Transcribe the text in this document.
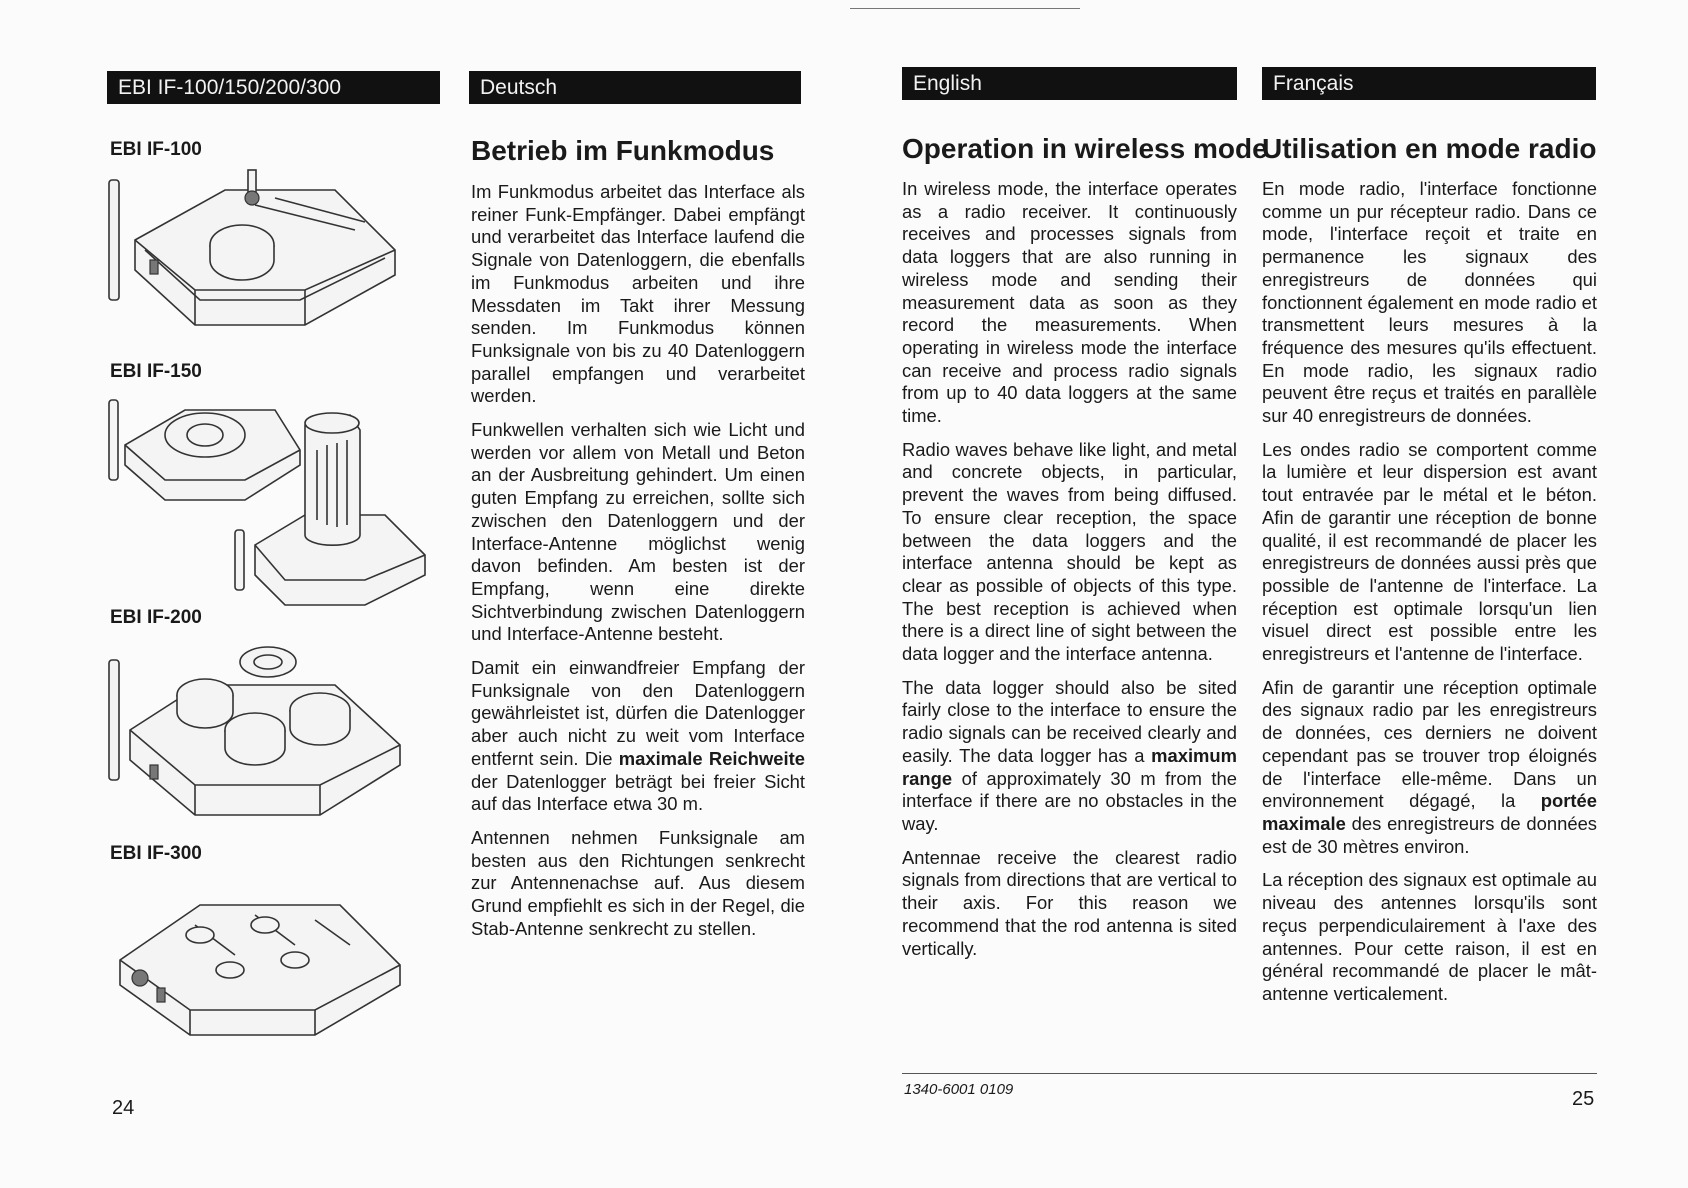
EBI IF-100/150/200/300	Deutsch	English	Français
EBI IF-100
EBI IF-150
EBI IF-200
EBI IF-300
24	25
Betrieb im Funkmodus

Im Funkmodus arbeitet das Interface als reiner Funk-Empfänger. Dabei empfängt und verarbeitet das Interface laufend die Signale von Datenloggern, die ebenfalls im Funkmodus arbeiten und ihre Messdaten im Takt ihrer Messung senden. Im Funkmodus können Funksignale von bis zu 40 Datenloggern parallel empfangen und verarbeitet werden.

Funkwellen verhalten sich wie Licht und werden vor allem von Metall und Beton an der Ausbreitung gehindert. Um einen guten Empfang zu erreichen, sollte sich zwischen den Datenloggern und der Interface-Antenne möglichst wenig davon befinden. Am besten ist der Empfang, wenn eine direkte Sichtverbindung zwischen Datenloggern und Interface-Antenne besteht.

Damit ein einwandfreier Empfang der Funksignale von den Datenloggern gewährleistet ist, dürfen die Datenlogger aber auch nicht zu weit vom Interface entfernt sein. Die maximale Reichweite der Datenlogger beträgt bei freier Sicht auf das Interface etwa 30 m.

Antennen nehmen Funksignale am besten aus den Richtungen senkrecht zur Antennenachse auf. Aus diesem Grund empfiehlt es sich in der Regel, die Stab-Antenne senkrecht zu stellen.

Operation in wireless mode

In wireless mode, the interface operates as a radio receiver. It continuously receives and processes signals from data loggers that are also running in wireless mode and sending their measurement data as soon as they record the measurements. When operating in wireless mode the interface can receive and process radio signals from up to 40 data loggers at the same time.

Radio waves behave like light, and metal and concrete objects, in particular, prevent the waves from being diffused. To ensure clear reception, the space between the data loggers and the interface antenna should be kept as clear as possible of objects of this type. The best reception is achieved when there is a direct line of sight between the data logger and the interface antenna.

The data logger should also be sited fairly close to the interface to ensure the radio signals can be received clearly and easily. The data logger has a maximum range of approximately 30 m from the interface if there are no obstacles in the way.

Antennae receive the clearest radio signals from directions that are vertical to their axis. For this reason we recommend that the rod antenna is sited vertically.

Utilisation en mode radio

En mode radio, l'interface fonctionne comme un pur récepteur radio. Dans ce mode, l'interface reçoit et traite en permanence les signaux des enregistreurs de données qui fonctionnent également en mode radio et transmettent leurs mesures à la fréquence des mesures qu'ils effectuent. En mode radio, les signaux radio peuvent être reçus et traités en parallèle sur 40 enregistreurs de données.

Les ondes radio se comportent comme la lumière et leur dispersion est avant tout entravée par le métal et le béton. Afin de garantir une réception de bonne qualité, il est recommandé de placer les enregistreurs de données aussi près que possible de l'antenne de l'interface. La réception est optimale lorsqu'un lien visuel direct est possible entre les enregistreurs et l'antenne de l'interface.

Afin de garantir une réception optimale des signaux radio par les enregistreurs de données, ces derniers ne doivent cependant pas se trouver trop éloignés de l'interface elle-même. Dans un environnement dégagé, la portée maximale des enregistreurs de données est de 30 mètres environ.

La réception des signaux est optimale au niveau des antennes lorsqu'ils sont reçus perpendiculairement à l'axe des antennes. Pour cette raison, il est en général recommandé de placer le mât-antenne verticalement.

1340-6001 0109
